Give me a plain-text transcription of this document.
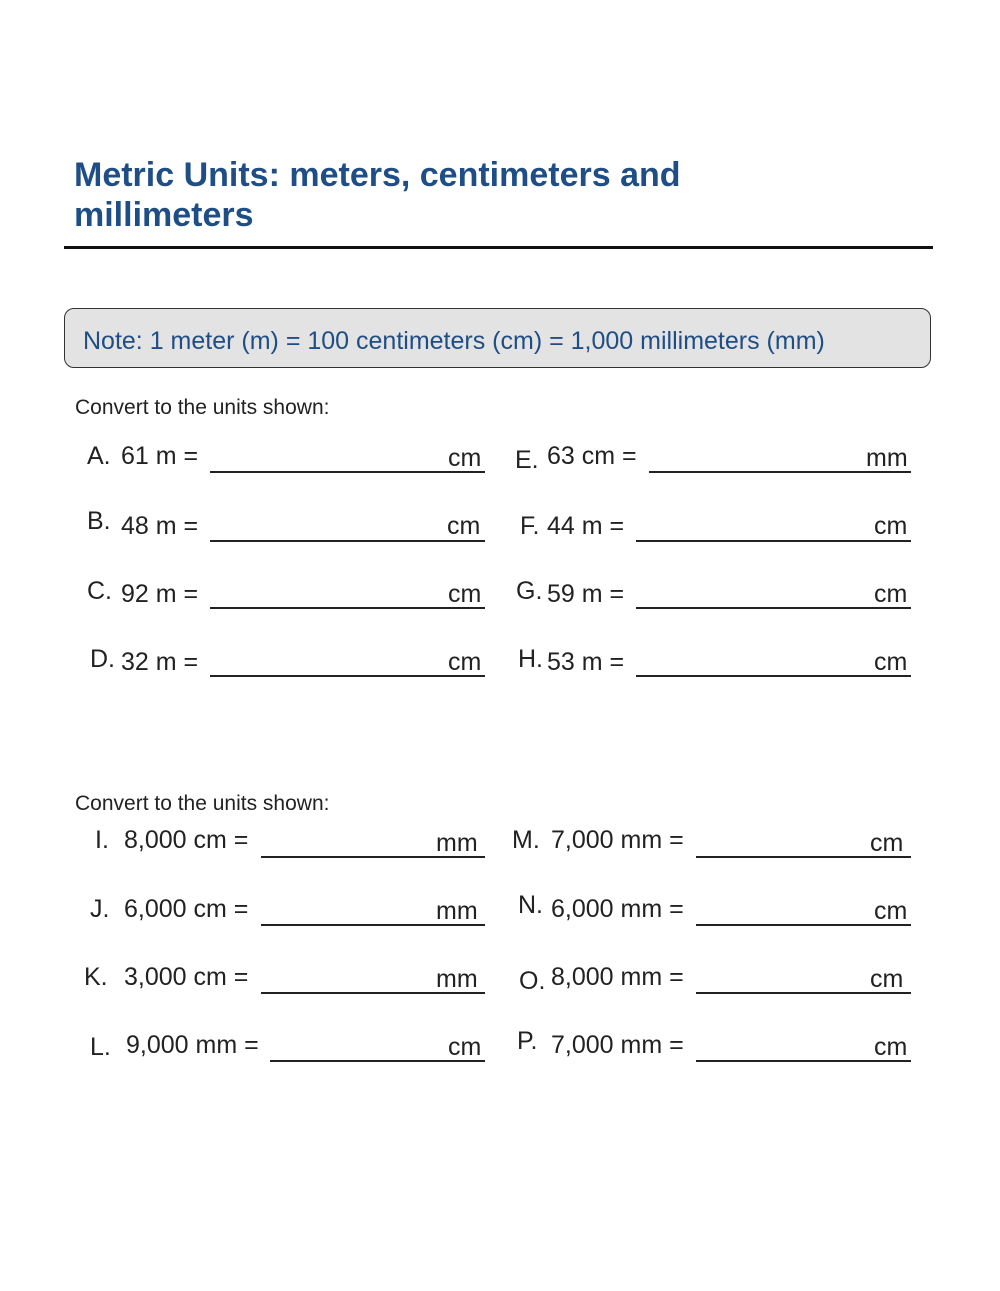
Metric Units: meters, centimeters and millimeters
Note: 1 meter (m) = 100 centimeters (cm) = 1,000 millimeters (mm)
Convert to the units shown:
A. 61 m =	cm
B. 48 m =	cm
C. 92 m =	cm
D. 32 m =	cm
E. 63 cm =	mm
F. 44 m =	cm
G. 59 m =	cm
H. 53 m =	cm
Convert to the units shown:
I. 8,000 cm =	mm
J. 6,000 cm =	mm
K. 3,000 cm =	mm
L. 9,000 mm =	cm
M. 7,000 mm =	cm
N. 6,000 mm =	cm
O. 8,000 mm =	cm
P. 7,000 mm =	cm
